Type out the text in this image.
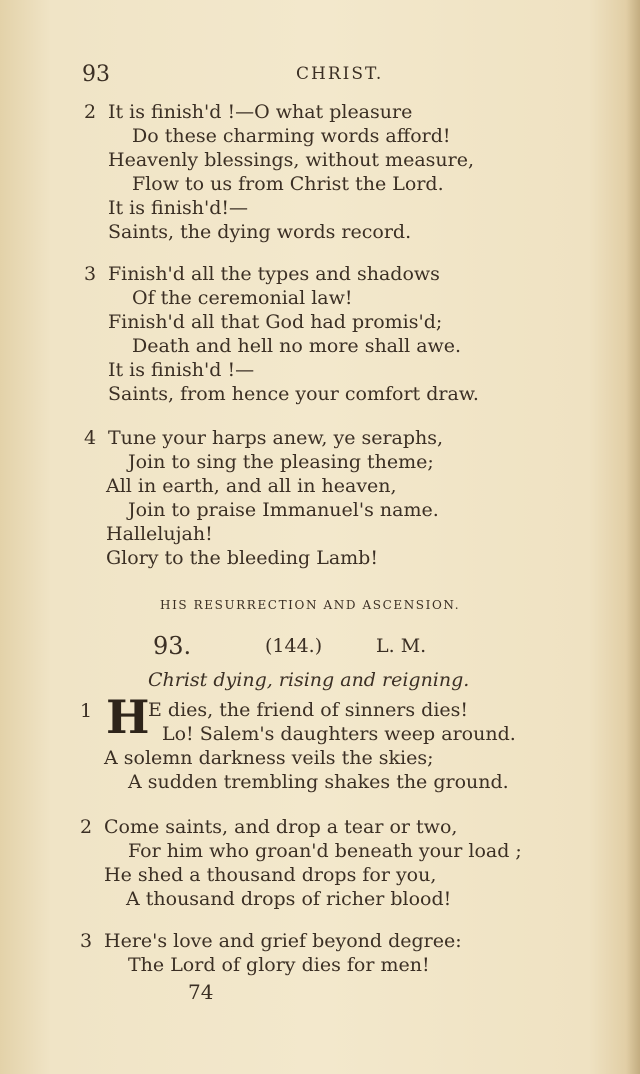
93	CHRIST.
2 It is finish'd !—O what pleasure
Do these charming words afford!
Heavenly blessings, without measure,
Flow to us from Christ the Lord.
It is finish'd!—
Saints, the dying words record.
3 Finish'd all the types and shadows
Of the ceremonial law!
Finish'd all that God had promis'd;
Death and hell no more shall awe.
It is finish'd !—
Saints, from hence your comfort draw.
4 Tune your harps anew, ye seraphs,
Join to sing the pleasing theme;
All in earth, and all in heaven,
Join to praise Immanuel's name.
Hallelujah!
Glory to the bleeding Lamb!
HIS RESURRECTION AND ASCENSION.
93.	(144.)	L. M.
Christ dying, rising and reigning.
1 H
E dies, the friend of sinners dies!
Lo! Salem's daughters weep around.
A solemn darkness veils the skies;
A sudden trembling shakes the ground.
2 Come saints, and drop a tear or two,
For him who groan'd beneath your load ;
He shed a thousand drops for you,
A thousand drops of richer blood!
3 Here's love and grief beyond degree:
The Lord of glory dies for men!
74
